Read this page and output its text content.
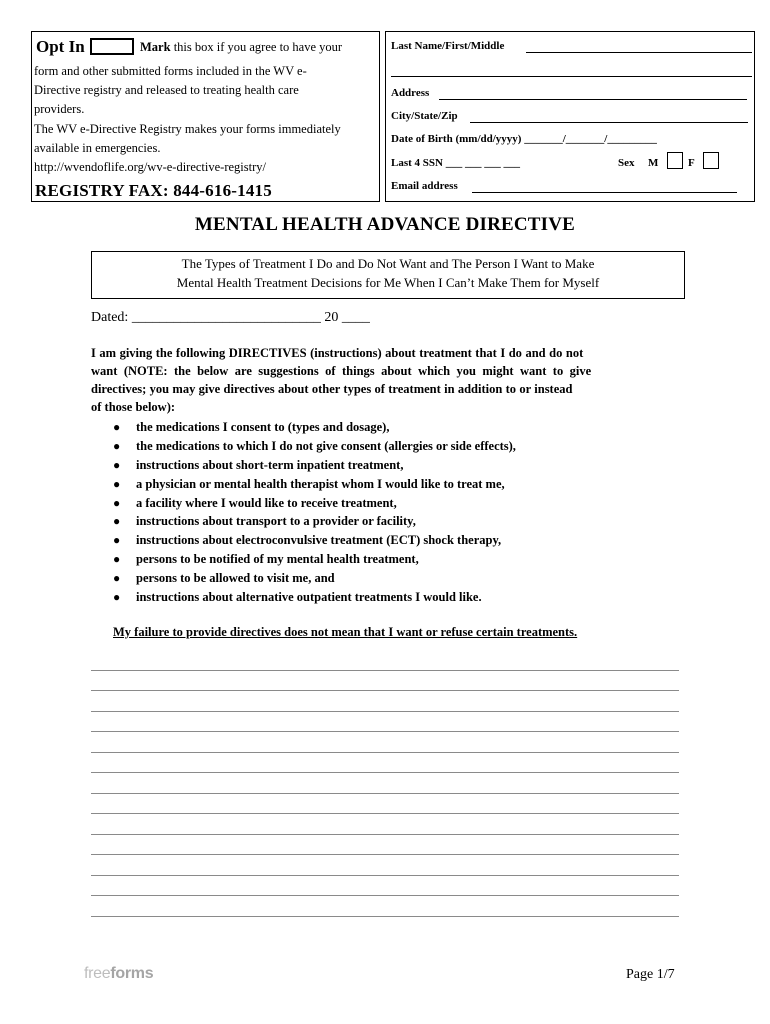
Opt In	Mark this box if you agree to have your
form and other submitted forms included in the WV e-
Directive registry and released to treating health care
providers.
The WV e-Directive Registry makes your forms immediately
available in emergencies.
http://wvendoflife.org/wv-e-directive-registry/
REGISTRY FAX: 844-616-1415
Last Name/First/Middle
Address
City/State/Zip
Date of Birth (mm/dd/yyyy) _______/_______/_________
Last 4 SSN ___ ___ ___ ___	Sex M	F
Email address
MENTAL HEALTH ADVANCE DIRECTIVE
The Types of Treatment I Do and Do Not Want and The Person I Want to Make
Mental Health Treatment Decisions for Me When I Can’t Make Them for Myself
Dated: ___________________________ 20 ____
I am giving the following DIRECTIVES (instructions) about treatment that I do and do not
want (NOTE: the below are suggestions of things about which you might want to give
directives; you may give directives about other types of treatment in addition to or instead
of those below):
● the medications I consent to (types and dosage),
● the medications to which I do not give consent (allergies or side effects),
● instructions about short-term inpatient treatment,
● a physician or mental health therapist whom I would like to treat me,
● a facility where I would like to receive treatment,
● instructions about transport to a provider or facility,
● instructions about electroconvulsive treatment (ECT) shock therapy,
● persons to be notified of my mental health treatment,
● persons to be allowed to visit me, and
● instructions about alternative outpatient treatments I would like.
My failure to provide directives does not mean that I want or refuse certain treatments.
freeforms	Page 1/7
